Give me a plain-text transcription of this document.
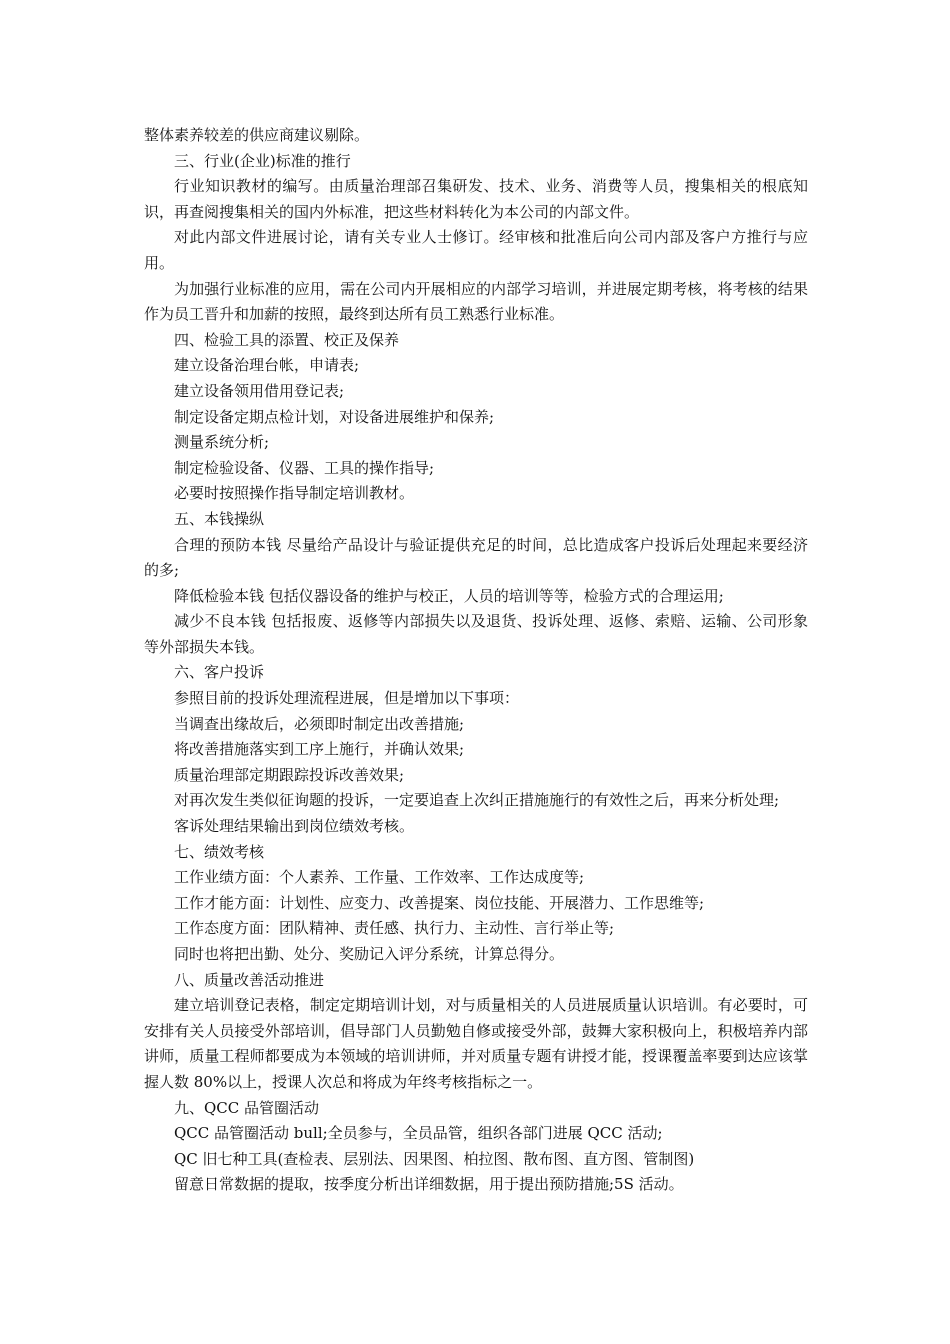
整体素养较差的供应商建议剔除。

三、行业(企业)标准的推行

行业知识教材的编写。由质量治理部召集研发、技术、业务、消费等人员，搜集相关的根底知识，再查阅搜集相关的国内外标准，把这些材料转化为本公司的内部文件。

对此内部文件进展讨论，请有关专业人士修订。经审核和批准后向公司内部及客户方推行与应用。

为加强行业标准的应用，需在公司内开展相应的内部学习培训，并进展定期考核，将考核的结果作为员工晋升和加薪的按照，最终到达所有员工熟悉行业标准。

四、检验工具的添置、校正及保养

建立设备治理台帐，申请表;

建立设备领用借用登记表;

制定设备定期点检计划，对设备进展维护和保养;

测量系统分析;

制定检验设备、仪器、工具的操作指导;

必要时按照操作指导制定培训教材。

五、本钱操纵

合理的预防本钱 尽量给产品设计与验证提供充足的时间，总比造成客户投诉后处理起来要经济的多;

降低检验本钱 包括仪器设备的维护与校正，人员的培训等等，检验方式的合理运用;

减少不良本钱 包括报废、返修等内部损失以及退货、投诉处理、返修、索赔、运输、公司形象等外部损失本钱。

六、客户投诉

参照目前的投诉处理流程进展，但是增加以下事项：

当调查出缘故后，必须即时制定出改善措施;

将改善措施落实到工序上施行，并确认效果;

质量治理部定期跟踪投诉改善效果;

对再次发生类似征询题的投诉，一定要追查上次纠正措施施行的有效性之后，再来分析处理;

客诉处理结果输出到岗位绩效考核。

七、绩效考核

工作业绩方面：个人素养、工作量、工作效率、工作达成度等;

工作才能方面：计划性、应变力、改善提案、岗位技能、开展潜力、工作思维等;

工作态度方面：团队精神、责任感、执行力、主动性、言行举止等;

同时也将把出勤、处分、奖励记入评分系统，计算总得分。

八、质量改善活动推进

建立培训登记表格，制定定期培训计划，对与质量相关的人员进展质量认识培训。有必要时，可安排有关人员接受外部培训，倡导部门人员勤勉自修或接受外部，鼓舞大家积极向上，积极培养内部讲师，质量工程师都要成为本领域的培训讲师，并对质量专题有讲授才能，授课覆盖率要到达应该掌握人数 80%以上，授课人次总和将成为年终考核指标之一。

九、QCC 品管圈活动

QCC 品管圈活动 bull;全员参与，全员品管，组织各部门进展 QCC 活动;

QC 旧七种工具(查检表、层别法、因果图、柏拉图、散布图、直方图、管制图)

留意日常数据的提取，按季度分析出详细数据，用于提出预防措施;5S 活动。
